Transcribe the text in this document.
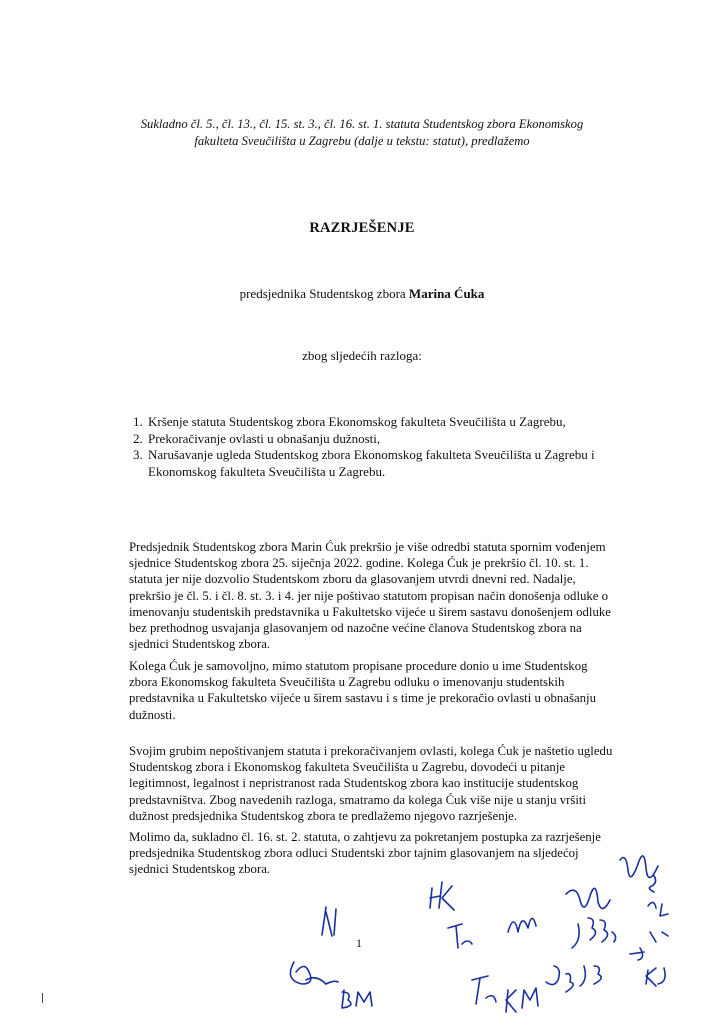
Sukladno čl. 5., čl. 13., čl. 15. st. 3., čl. 16. st. 1. statuta Studentskog zbora Ekonomskog fakulteta Sveučilišta u Zagrebu (dalje u tekstu: statut), predlažemo

RAZRJEŠENJE
predsjednika Studentskog zbora Marina Ćuka
zbog sljedećih razloga:
1. Kršenje statuta Studentskog zbora Ekonomskog fakulteta Sveučilišta u Zagrebu,
2. Prekoračivanje ovlasti u obnašanju dužnosti,
3. Narušavanje ugleda Studentskog zbora Ekonomskog fakulteta Sveučilišta u Zagrebu i Ekonomskog fakulteta Sveučilišta u Zagrebu.

Predsjednik Studentskog zbora Marin Ćuk prekršio je više odredbi statuta spornim vođenjem sjednice Studentskog zbora 25. siječnja 2022. godine. Kolega Ćuk je prekršio čl. 10. st. 1. statuta jer nije dozvolio Studentskom zboru da glasovanjem utvrdi dnevni red. Nadalje, prekršio je čl. 5. i čl. 8. st. 3. i 4. jer nije poštivao statutom propisan način donošenja odluke o imenovanju studentskih predstavnika u Fakultetsko vijeće u širem sastavu donošenjem odluke bez prethodnog usvajanja glasovanjem od nazočne većine članova Studentskog zbora na sjednici Studentskog zbora.

Kolega Ćuk je samovoljno, mimo statutom propisane procedure donio u ime Studentskog zbora Ekonomskog fakulteta Sveučilišta u Zagrebu odluku o imenovanju studentskih predstavnika u Fakultetsko vijeće u širem sastavu i s time je prekoračio ovlasti u obnašanju dužnosti.

Svojim grubim nepoštivanjem statuta i prekoračivanjem ovlasti, kolega Ćuk je naštetio ugledu Studentskog zbora i Ekonomskog fakulteta Sveučilišta u Zagrebu, dovodeći u pitanje legitimnost, legalnost i nepristranost rada Studentskog zbora kao institucije studentskog predstavništva. Zbog navedenih razloga, smatramo da kolega Ćuk više nije u stanju vršiti dužnost predsjednika Studentskog zbora te predlažemo njegovo razrješenje.

Molimo da, sukladno čl. 16. st. 2. statuta, o zahtjevu za pokretanjem postupka za razrješenje predsjednika Studentskog zbora odluci Studentski zbor tajnim glasovanjem na sljedećoj sjednici Studentskog zbora.

1
